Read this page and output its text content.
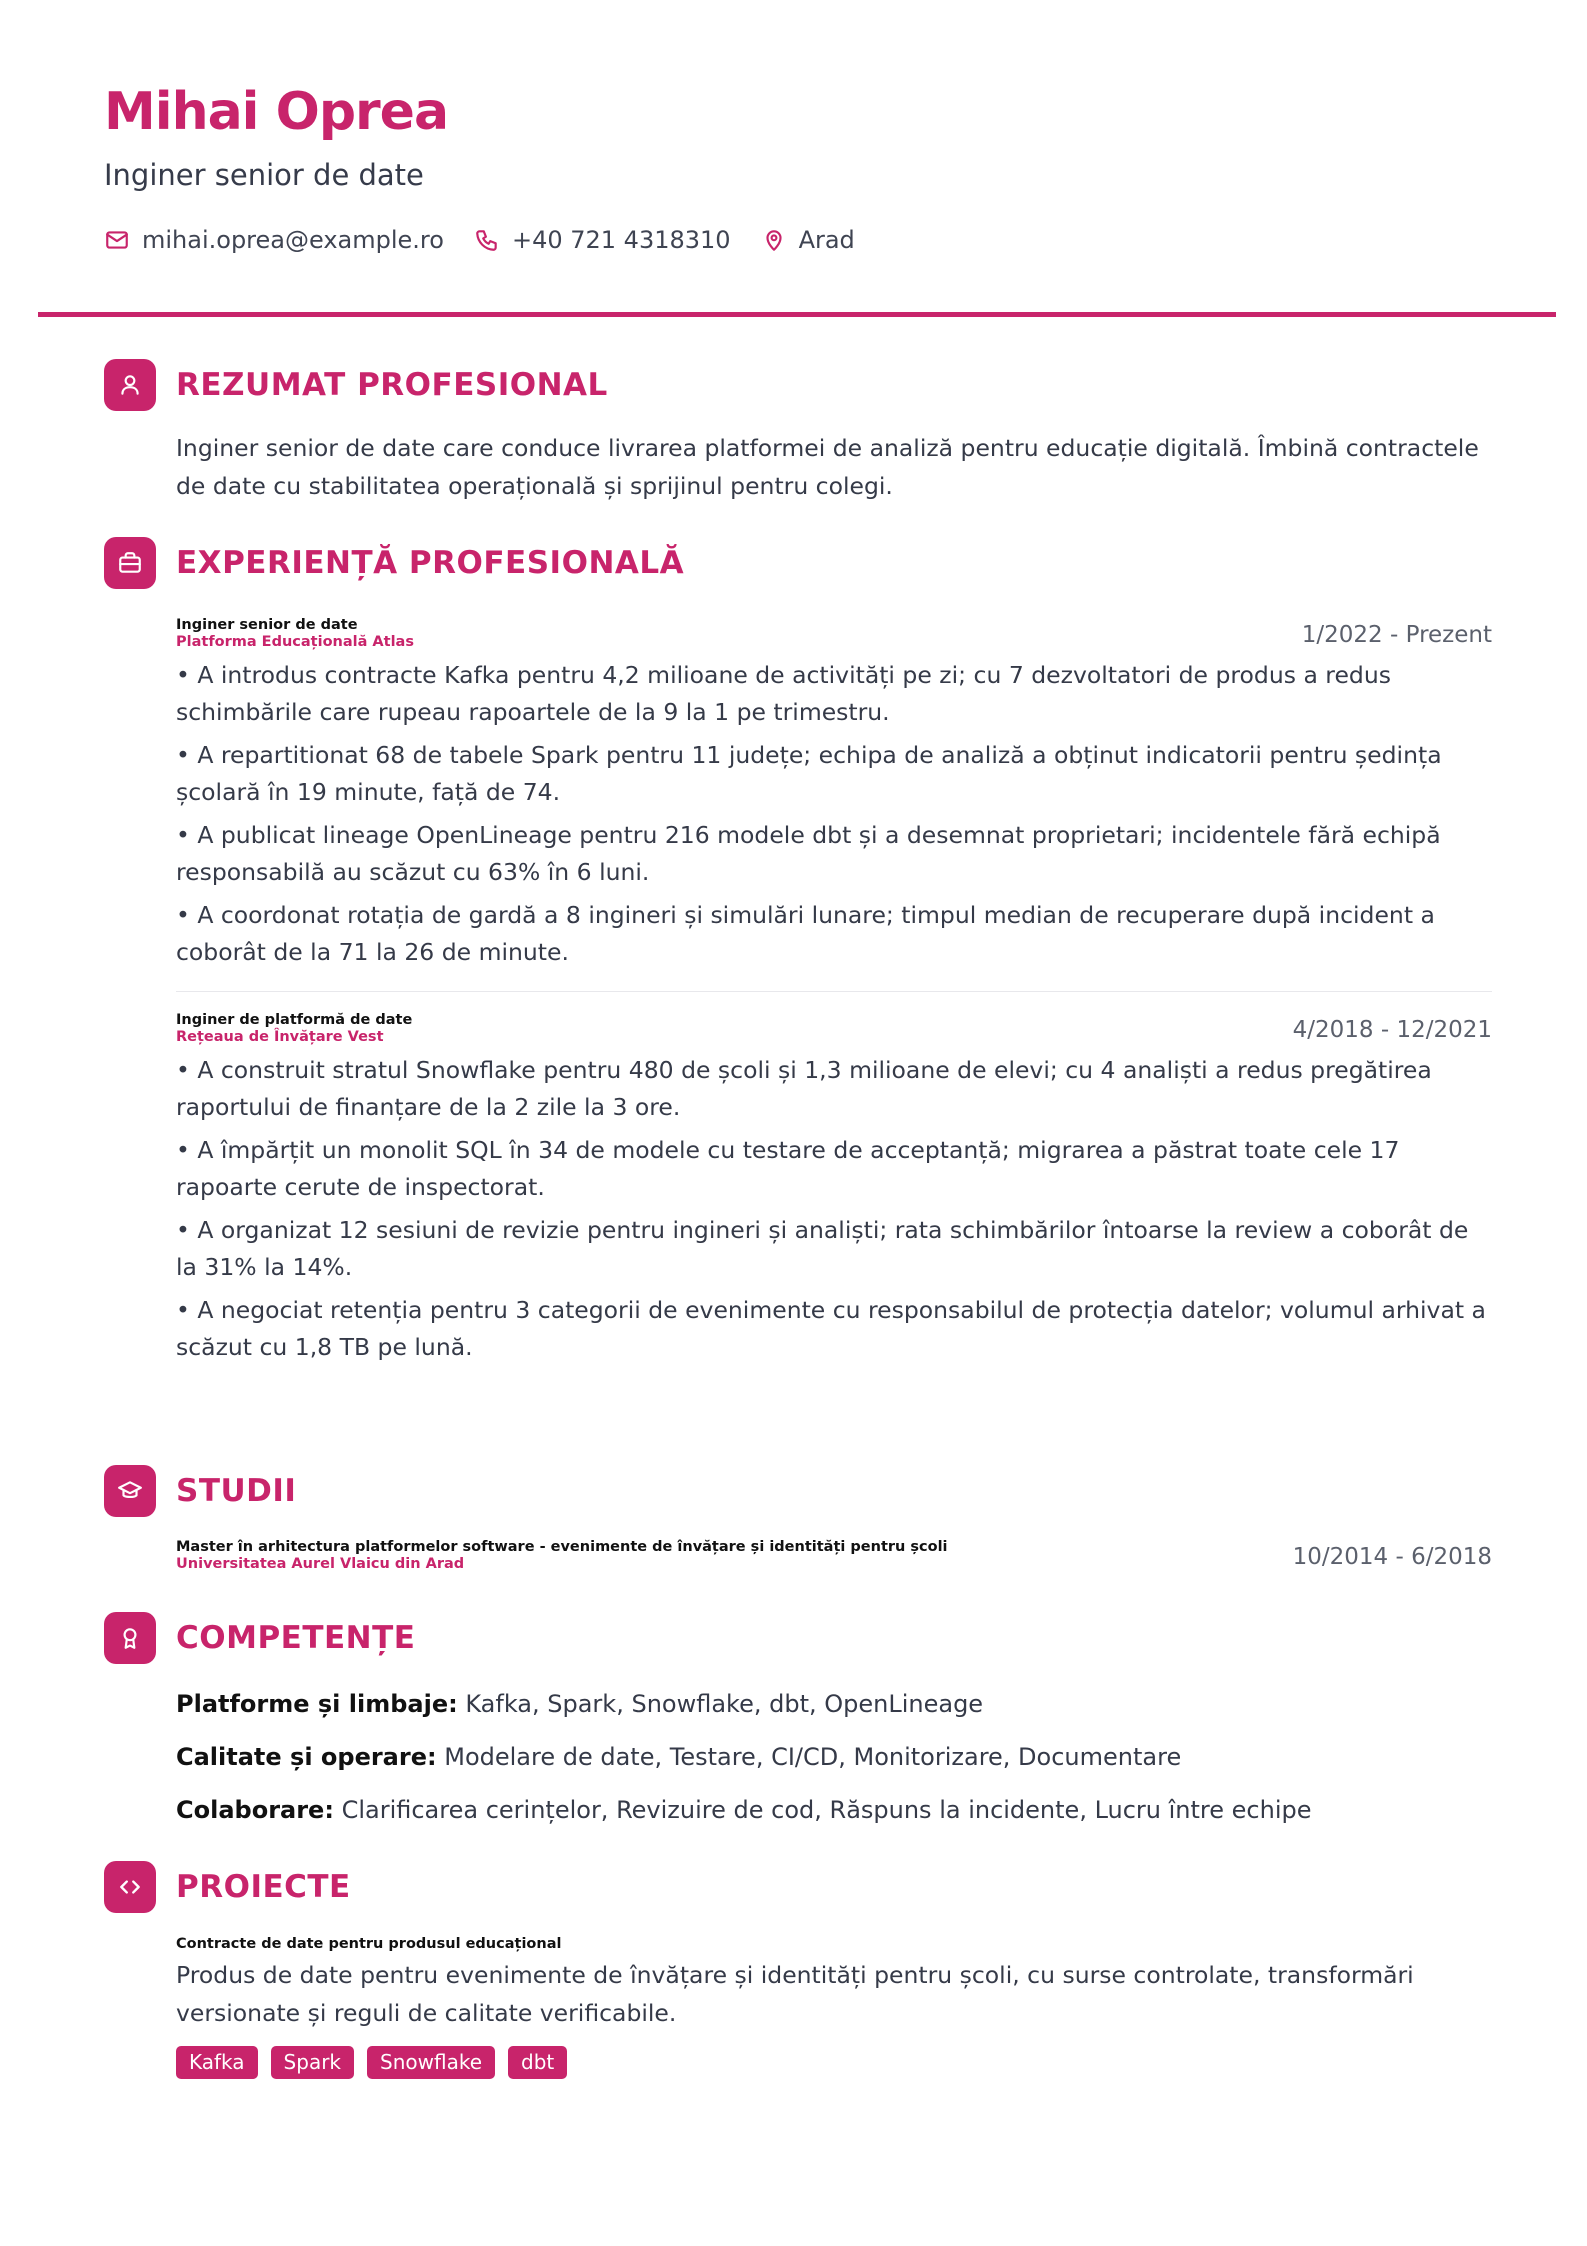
Mihai Oprea

Inginer senior de date

mihai.oprea@example.ro	+40 721 4318310	Arad
REZUMAT PROFESIONAL

Inginer senior de date care conduce livrarea platformei de analiză pentru educație digitală. Îmbină contractele de date cu stabilitatea operațională și sprijinul pentru colegi.

EXPERIENȚĂ PROFESIONALĂ

Inginer senior de date

Platforma Educațională Atlas	1/2022 - Prezent

• A introdus contracte Kafka pentru 4,2 milioane de activități pe zi; cu 7 dezvoltatori de produs a redus schimbările care rupeau rapoartele de la 9 la 1 pe trimestru.

• A repartitionat 68 de tabele Spark pentru 11 județe; echipa de analiză a obținut indicatorii pentru ședința școlară în 19 minute, față de 74.

• A publicat lineage OpenLineage pentru 216 modele dbt și a desemnat proprietari; incidentele fără echipă responsabilă au scăzut cu 63% în 6 luni.

• A coordonat rotația de gardă a 8 ingineri și simulări lunare; timpul median de recuperare după incident a coborât de la 71 la 26 de minute.

Inginer de platformă de date

Rețeaua de Învățare Vest	4/2018 - 12/2021

• A construit stratul Snowflake pentru 480 de școli și 1,3 milioane de elevi; cu 4 analiști a redus pregătirea raportului de finanțare de la 2 zile la 3 ore.

• A împărțit un monolit SQL în 34 de modele cu testare de acceptanță; migrarea a păstrat toate cele 17 rapoarte cerute de inspectorat.

• A organizat 12 sesiuni de revizie pentru ingineri și analiști; rata schimbărilor întoarse la review a coborât de la 31% la 14%.

• A negociat retenția pentru 3 categorii de evenimente cu responsabilul de protecția datelor; volumul arhivat a scăzut cu 1,8 TB pe lună.

STUDII

Master în arhitectura platformelor software - evenimente de învățare și identități pentru școli

Universitatea Aurel Vlaicu din Arad	10/2014 - 6/2018
COMPETENȚE

Platforme și limbaje: Kafka, Spark, Snowflake, dbt, OpenLineage

Calitate și operare: Modelare de date, Testare, CI/CD, Monitorizare, Documentare

Colaborare: Clarificarea cerințelor, Revizuire de cod, Răspuns la incidente, Lucru între echipe

PROIECTE

Contracte de date pentru produsul educațional

Produs de date pentru evenimente de învățare și identități pentru școli, cu surse controlate, transformări versionate și reguli de calitate verificabile.

Kafka	Spark	Snowflake	dbt
